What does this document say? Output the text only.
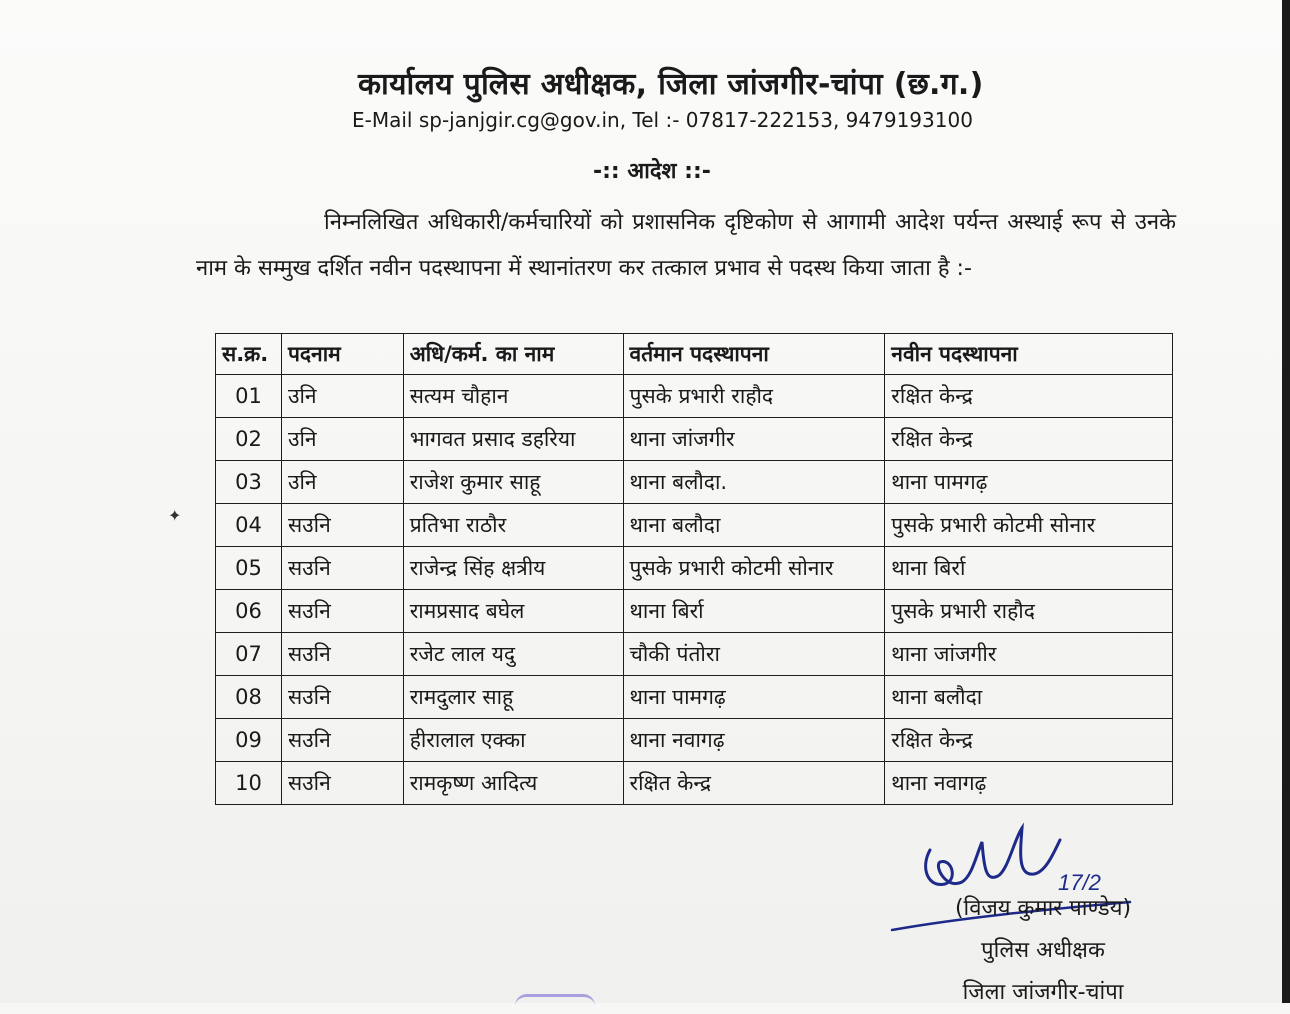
कार्यालय पुलिस अधीक्षक, जिला जांजगीर-चांपा (छ.ग.)
E-Mail sp-janjgir.cg@gov.in, Tel :- 07817-222153, 9479193100
-:: आदेश ::-
निम्नलिखित अधिकारी/कर्मचारियों को प्रशासनिक दृष्टिकोण से आगामी आदेश पर्यन्त अस्थाई रूप से उनके नाम के सम्मुख दर्शित नवीन पदस्थापना में स्थानांतरण कर तत्काल प्रभाव से पदस्थ किया जाता है :-
स.क्र.	पदनाम	अधि/कर्म. का नाम	वर्तमान पदस्थापना	नवीन पदस्थापना
01	उनि	सत्यम चौहान	पुसके प्रभारी राहौद	रक्षित केन्द्र
02	उनि	भागवत प्रसाद डहरिया	थाना जांजगीर	रक्षित केन्द्र
03	उनि	राजेश कुमार साहू	थाना बलौदा.	थाना पामगढ़
04	सउनि	प्रतिभा राठौर	थाना बलौदा	पुसके प्रभारी कोटमी सोनार
05	सउनि	राजेन्द्र सिंह क्षत्रीय	पुसके प्रभारी कोटमी सोनार	थाना बिर्रा
06	सउनि	रामप्रसाद बघेल	थाना बिर्रा	पुसके प्रभारी राहौद
07	सउनि	रजेट लाल यदु	चौकी पंतोरा	थाना जांजगीर
08	सउनि	रामदुलार साहू	थाना पामगढ़	थाना बलौदा
09	सउनि	हीरालाल एक्का	थाना नवागढ़	रक्षित केन्द्र
10	सउनि	रामकृष्ण आदित्य	रक्षित केन्द्र	थाना नवागढ़
✦
17/2
(विजय कुमार पाण्डेय)
पुलिस अधीक्षक
जिला जांजगीर-चांपा
